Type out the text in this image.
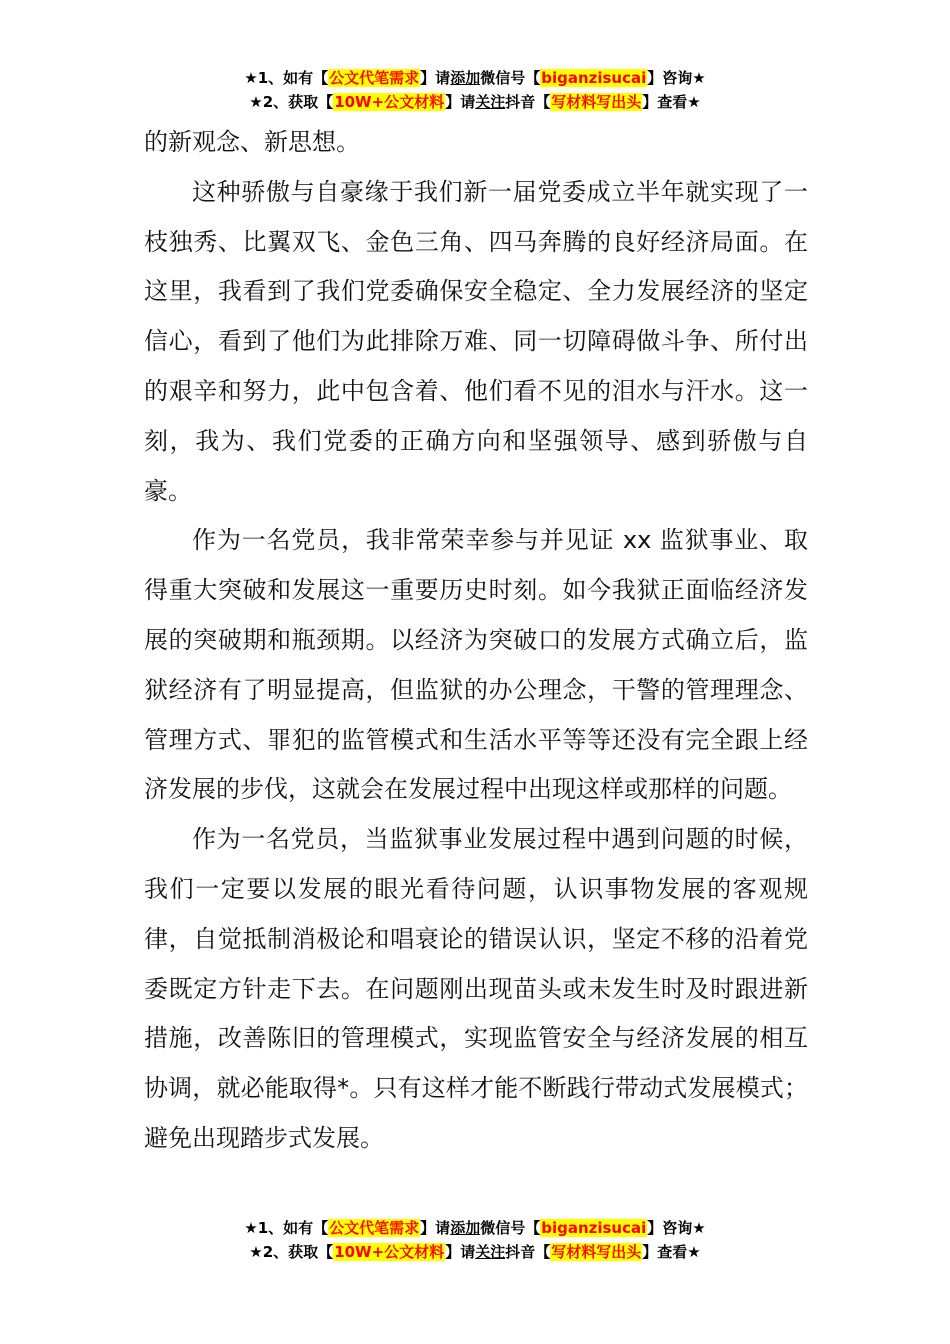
★1、如有【公文代笔需求】请添加微信号【biganzisucai】咨询★
★2、获取【10W+公文材料】请关注抖音【写材料写出头】查看★

的新观念、新思想。

这种骄傲与自豪缘于我们新一届党委成立半年就实现了一枝独秀、比翼双飞、金色三角、四马奔腾的良好经济局面。在这里，我看到了我们党委确保安全稳定、全力发展经济的坚定信心，看到了他们为此排除万难、同一切障碍做斗争、所付出的艰辛和努力，此中包含着、他们看不见的泪水与汗水。这一刻，我为、我们党委的正确方向和坚强领导、感到骄傲与自豪。

作为一名党员，我非常荣幸参与并见证 xx 监狱事业、取得重大突破和发展这一重要历史时刻。如今我狱正面临经济发展的突破期和瓶颈期。以经济为突破口的发展方式确立后，监狱经济有了明显提高，但监狱的办公理念，干警的管理理念、管理方式、罪犯的监管模式和生活水平等等还没有完全跟上经济发展的步伐，这就会在发展过程中出现这样或那样的问题。

作为一名党员，当监狱事业发展过程中遇到问题的时候，我们一定要以发展的眼光看待问题，认识事物发展的客观规律，自觉抵制消极论和唱衰论的错误认识，坚定不移的沿着党委既定方针走下去。在问题刚出现苗头或未发生时及时跟进新措施，改善陈旧的管理模式，实现监管安全与经济发展的相互协调，就必能取得*。只有这样才能不断践行带动式发展模式；避免出现踏步式发展。

★1、如有【公文代笔需求】请添加微信号【biganzisucai】咨询★
★2、获取【10W+公文材料】请关注抖音【写材料写出头】查看★
